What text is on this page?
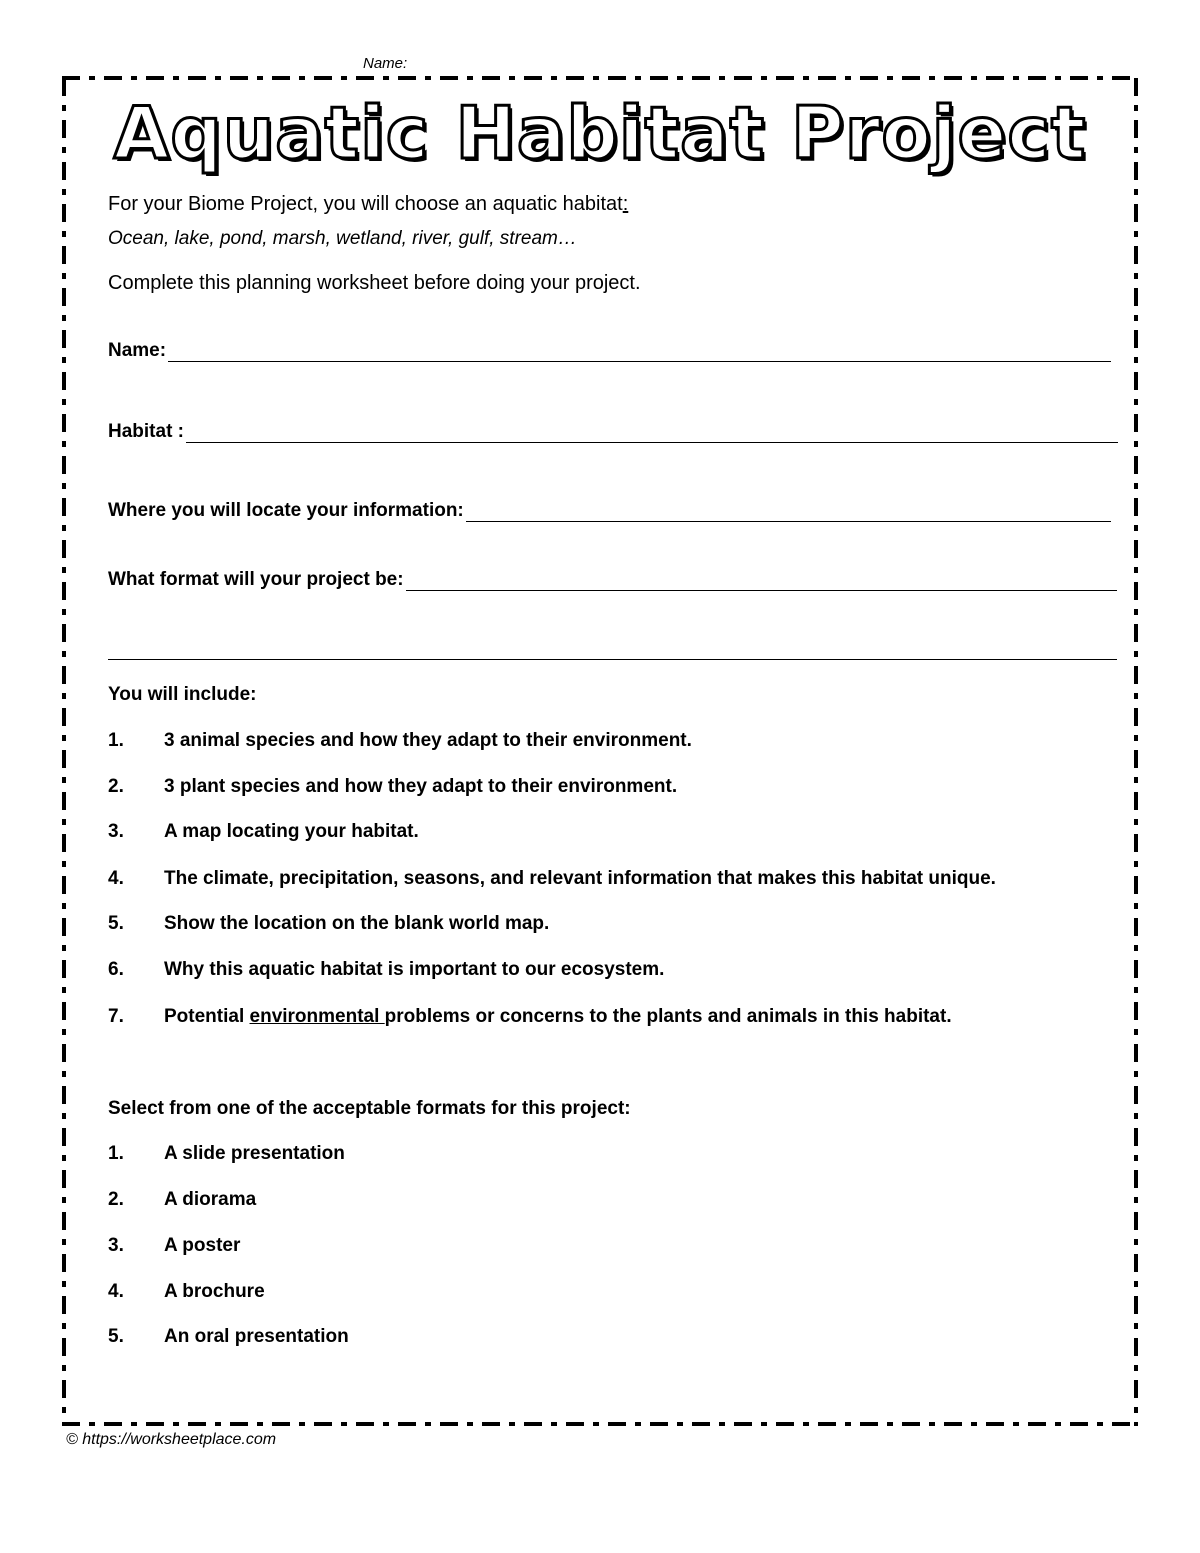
Name:
Aquatic Habitat Project
For your Biome Project, you will choose an aquatic habitat:
Ocean, lake, pond, marsh, wetland, river, gulf, stream…
Complete this planning worksheet before doing your project.
Name:
Habitat :
Where you will locate your information:
What format will your project be:
You will include:
1. 3 animal species and how they adapt to their environment.
2. 3 plant species and how they adapt to their environment.
3. A map locating your habitat.
4. The climate, precipitation, seasons, and relevant information that makes this habitat unique.
5. Show the location on the blank world map.
6. Why this aquatic habitat is important to our ecosystem.
7. Potential environmental problems or concerns to the plants and animals in this habitat.
Select from one of the acceptable formats for this project:
1. A slide presentation
2. A diorama
3. A poster
4. A brochure
5. An oral presentation
© https://worksheetplace.com
